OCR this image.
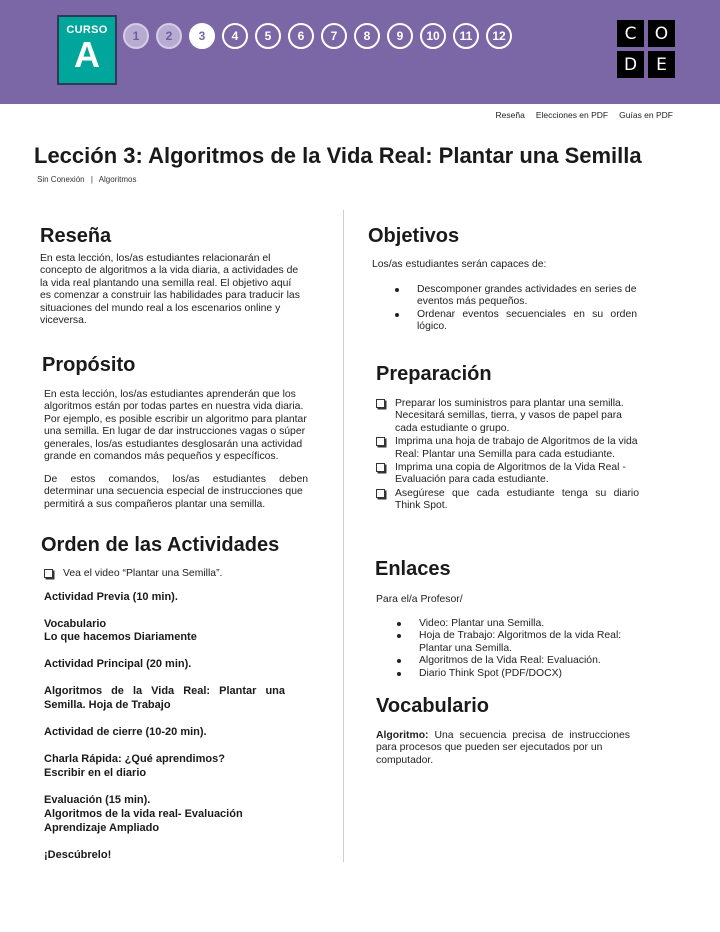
CURSO
A	1	2	3	4	5	6	7	8	9	10	11	12	C	O
D	E
Reseña Elecciones en PDF Guías en PDF
Lección 3: Algoritmos de la Vida Real: Plantar una Semilla
Sin Conexión | Algoritmos
Reseña
En esta lección, los/as estudiantes relacionarán el
concepto de algoritmos a la vida diaria, a actividades de
la vida real plantando una semilla real. El objetivo aquí
es comenzar a construir las habilidades para traducir las
situaciones del mundo real a los escenarios online y
viceversa.
Propósito
En esta lección, los/as estudiantes aprenderán que los
algoritmos están por todas partes en nuestra vida diaria.
Por ejemplo, es posible escribir un algoritmo para plantar
una semilla. En lugar de dar instrucciones vagas o súper
generales, los/as estudiantes desglosarán una actividad
grande en comandos más pequeños y específicos.
De estos comandos, los/as estudiantes deben
determinar una secuencia especial de instrucciones que
permitirá a sus compañeros plantar una semilla.
Orden de las Actividades
Vea el video “Plantar una Semilla”.

Actividad Previa (10 min).

Vocabulario

Lo que hacemos Diariamente

Actividad Principal (20 min).

Algoritmos de la Vida Real: Plantar una

Semilla. Hoja de Trabajo

Actividad de cierre (10-20 min).

Charla Rápida: ¿Qué aprendimos?

Escribir en el diario

Evaluación (15 min).

Algoritmos de la vida real- Evaluación

Aprendizaje Ampliado

¡Descúbrelo!

Objetivos

Los/as estudiantes serán capaces de:

Descomponer grandes actividades en series de
eventos más pequeños.
Ordenar eventos secuenciales en su orden
lógico.
Preparación
Preparar los suministros para plantar una semilla.
Necesitará semillas, tierra, y vasos de papel para
cada estudiante o grupo.
Imprima una hoja de trabajo de Algoritmos de la vida
Real: Plantar una Semilla para cada estudiante.
Imprima una copia de Algoritmos de la Vida Real -
Evaluación para cada estudiante.
Asegúrese que cada estudiante tenga su diario
Think Spot.
Enlaces

Para el/a Profesor/

Video: Plantar una Semilla.
Hoja de Trabajo: Algoritmos de la vida Real:
Plantar una Semilla.
Algoritmos de la Vida Real: Evaluación.
Diario Think Spot (PDF/DOCX)
Vocabulario
Algoritmo: Una secuencia precisa de instrucciones
para procesos que pueden ser ejecutados por un
computador.
